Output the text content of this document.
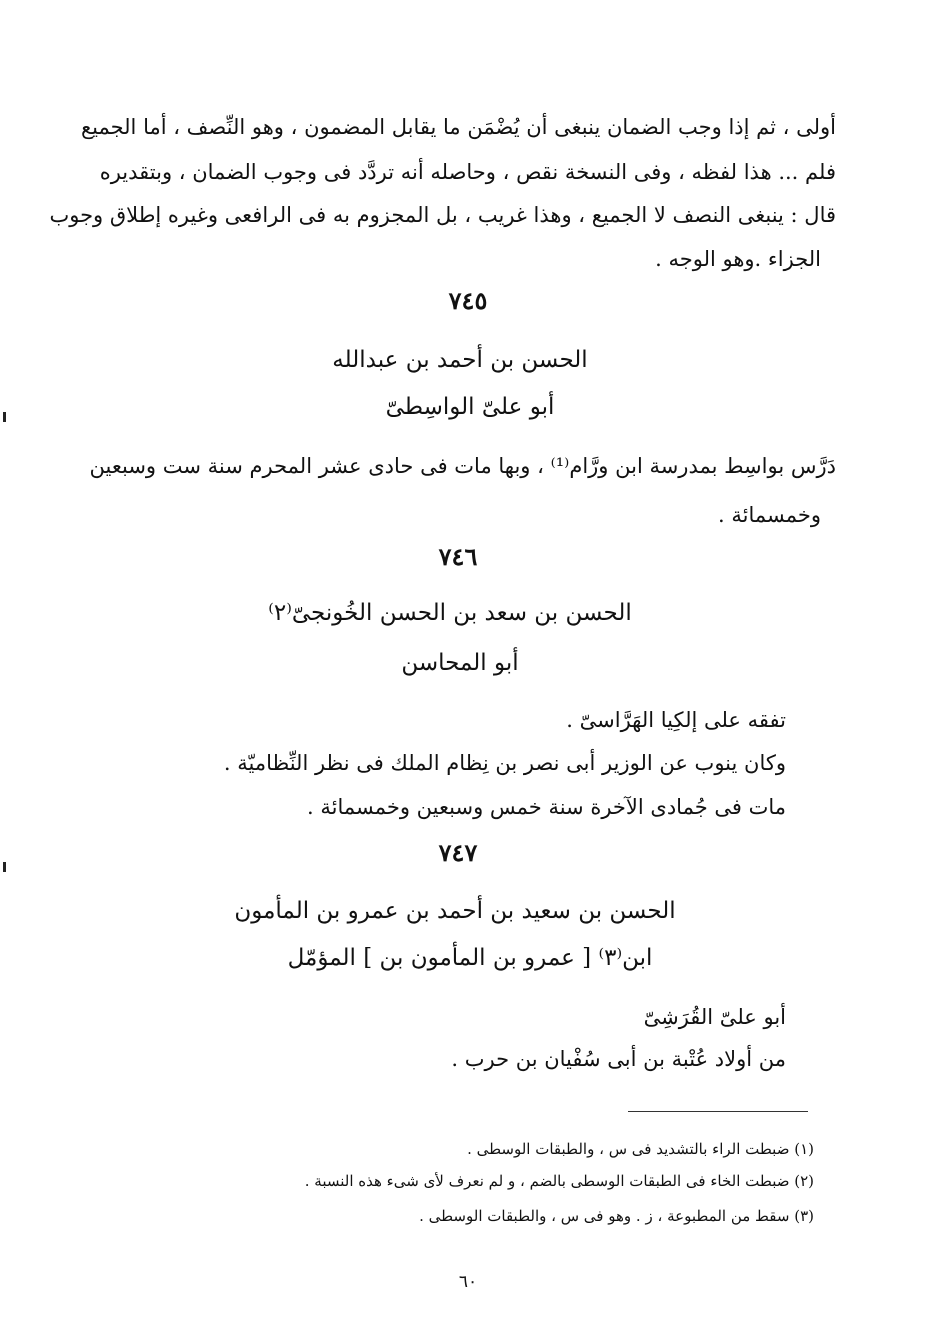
أولى ، ثم إذا وجب الضمان ينبغى أن يُضْمَن ما يقابل المضمون ، وهو النِّصف ، أما الجميع
فلم ... هذا لفظه ، وفى النسخة نقص ، وحاصله أنه تردَّد فى وجوب الضمان ، وبتقديره
قال : ينبغى النصف لا الجميع ، وهذا غريب ، بل المجزوم به فى الرافعى وغيره إطلاق وجوب
الجزاء .وهو الوجه .
٧٤٥
الحسن بن أحمد بن عبدالله
أبو علىّ الواسِطىّ
دَرَّس بواسِط بمدرسة ابن ورَّام⁽¹⁾ ، وبها مات فى حادى عشر المحرم سنة ست وسبعين
وخمسمائة .
٧٤٦
الحسن بن سعد بن الحسن الخُونجىّ⁽٢⁾
أبو المحاسن
تفقه على إلكِيا الهَرَّاسىّ .
وكان ينوب عن الوزير أبى نصر بن نِظام الملك فى نظر النِّظاميّة .
مات فى جُمادى الآخرة سنة خمس وسبعين وخمسمائة .
٧٤٧
الحسن بن سعيد بن أحمد بن عمرو بن المأمون
ابن⁽٣⁾ [ عمرو بن المأمون بن ] المؤمّل
أبو علىّ القُرَشِىّ
من أولاد عُتْبة بن أبى سُفْيان بن حرب .
(١) ضبطت الراء بالتشديد فى س ، والطبقات الوسطى .
(٢) ضبطت الخاء فى الطبقات الوسطى بالضم ، و لم نعرف لأى شىء هذه النسبة .
(٣) سقط من المطبوعة ، ز . وهو فى س ، والطبقات الوسطى .
٦٠
